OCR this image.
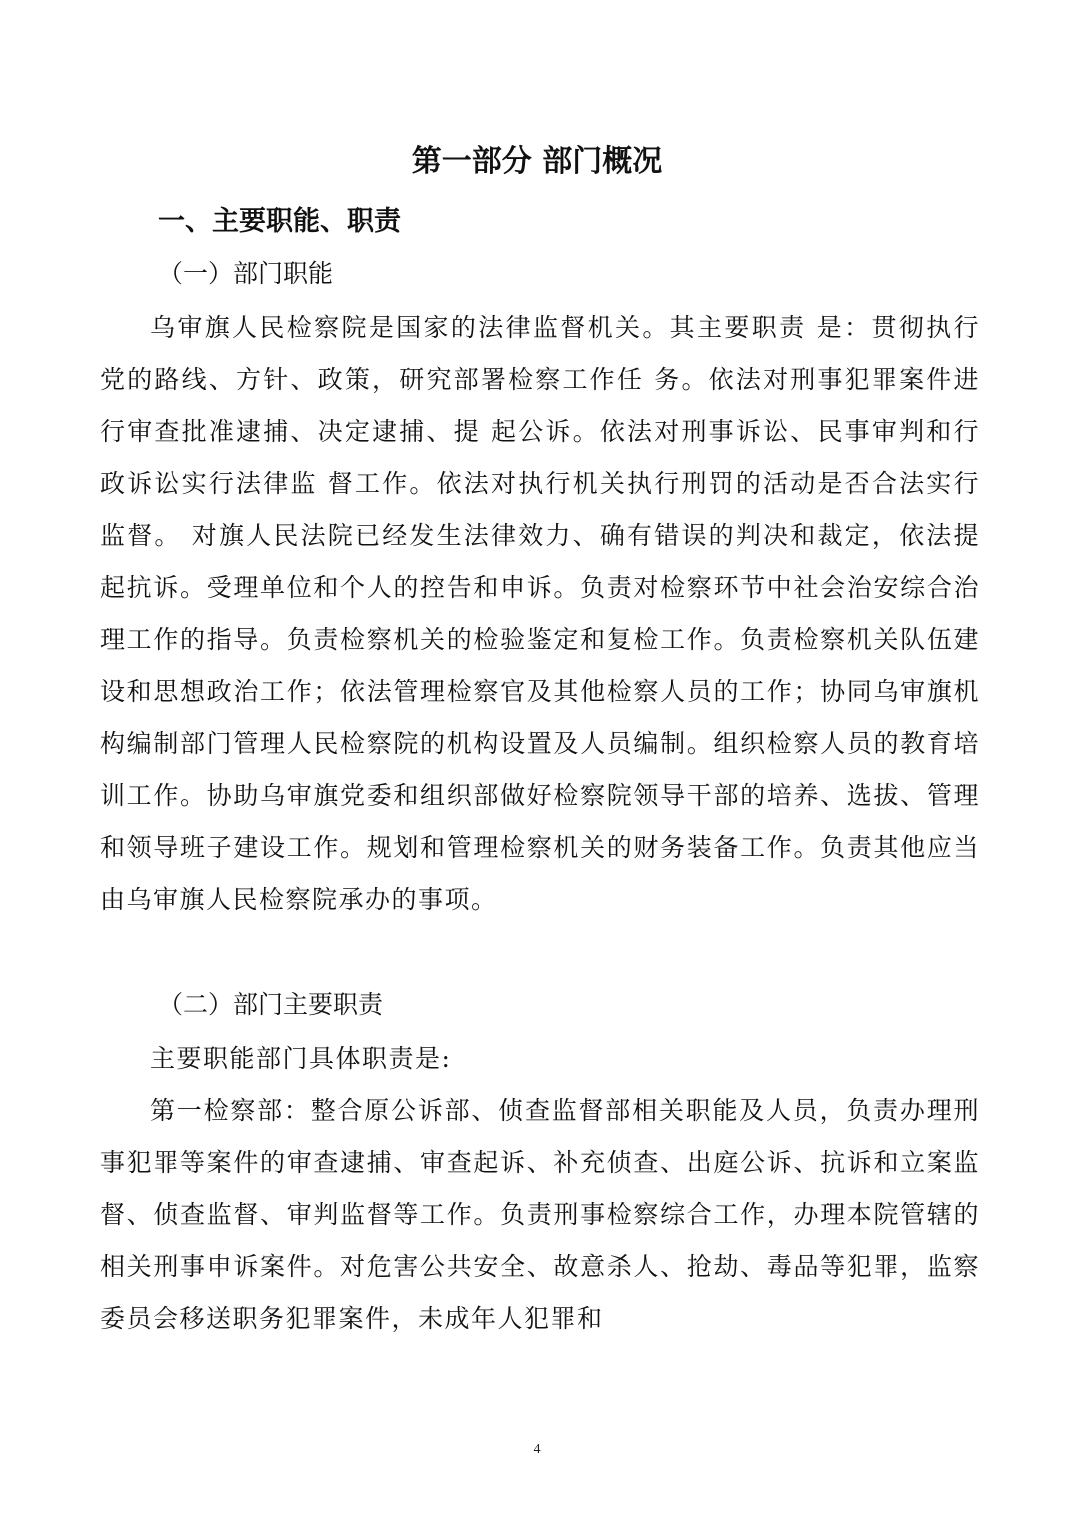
第一部分 部门概况
一、主要职能、职责
（一）部门职能

乌审旗人民检察院是国家的法律监督机关。其主要职责 是：贯彻执行党的路线、方针、政策，研究部署检察工作任 务。依法对刑事犯罪案件进行审查批准逮捕、决定逮捕、提 起公诉。依法对刑事诉讼、民事审判和行政诉讼实行法律监 督工作。依法对执行机关执行刑罚的活动是否合法实行监督。 对旗人民法院已经发生法律效力、确有错误的判决和裁定，依法提起抗诉。受理单位和个人的控告和申诉。负责对检察环节中社会治安综合治理工作的指导。负责检察机关的检验鉴定和复检工作。负责检察机关队伍建设和思想政治工作；依法管理检察官及其他检察人员的工作；协同乌审旗机构编制部门管理人民检察院的机构设置及人员编制。组织检察人员的教育培训工作。协助乌审旗党委和组织部做好检察院领导干部的培养、选拔、管理和领导班子建设工作。规划和管理检察机关的财务装备工作。负责其他应当由乌审旗人民检察院承办的事项。

（二）部门主要职责

主要职能部门具体职责是:

第一检察部：整合原公诉部、侦查监督部相关职能及人员，负责办理刑事犯罪等案件的审查逮捕、审查起诉、补充侦查、出庭公诉、抗诉和立案监督、侦查监督、审判监督等工作。负责刑事检察综合工作，办理本院管辖的相关刑事申诉案件。对危害公共安全、故意杀人、抢劫、毒品等犯罪，监察委员会移送职务犯罪案件，未成年人犯罪和

4
